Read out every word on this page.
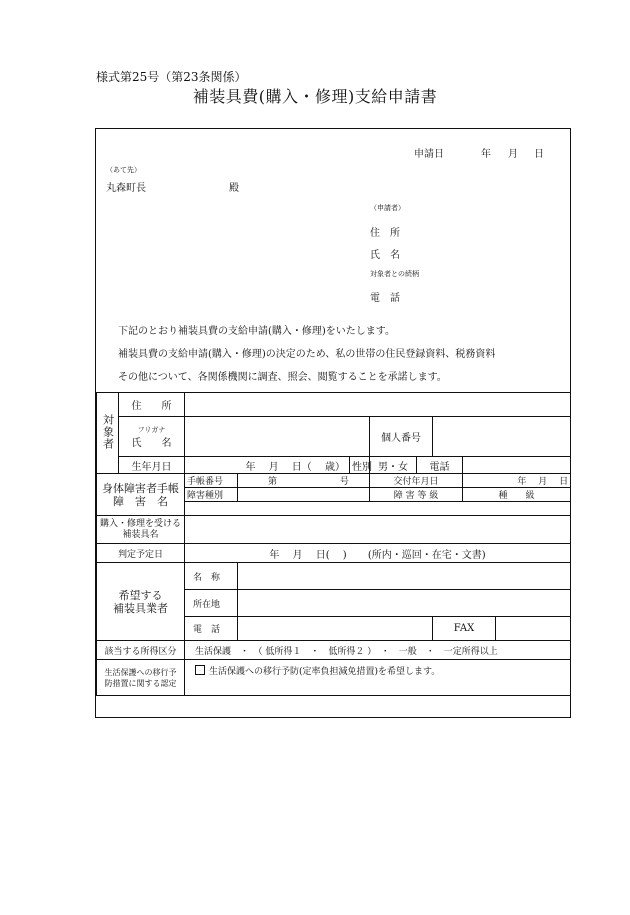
様式第25号（第23条関係）
補装具費(購入・修理)支給申請書
申請日	年 月 日
（あて先）
丸森町長	殿
（申請者）
住　所
氏　名
対象者との続柄
電　話
下記のとおり補装具費の支給申請(購入・修理)をいたします。
補装具費の支給申請(購入・修理)の決定のため、私の世帯の住民登録資料、税務資料
その他について、各関係機関に調査、照会、閲覧することを承諾します。
対象者	住　　所								

	フリガナ
氏　　名				個人番号				
	生年月日	年　 月　 日（　 歳）		性別	男・女	電話			

身体障害者手帳
障　害　名		手帳番号	第 号		交付年月日			年　 月　 日	
		障害種別			障 害 等 級			種　　級	

購入・修理を受ける
補装具名									

判定予定日		年　 月　 日(　 ) (所内・巡回・在宅・文書)							

希望する
補装具業者		名　称							
		所在地							
		電　話					FAX		
該当する所得区分		生活保護　・　（ 低所得１　・　低所得２ ）　・　一般　・　一定所得以上							

生活保護への移行予
防措置に関する認定		生活保護への移行予防(定率負担減免措置)を希望します。							
